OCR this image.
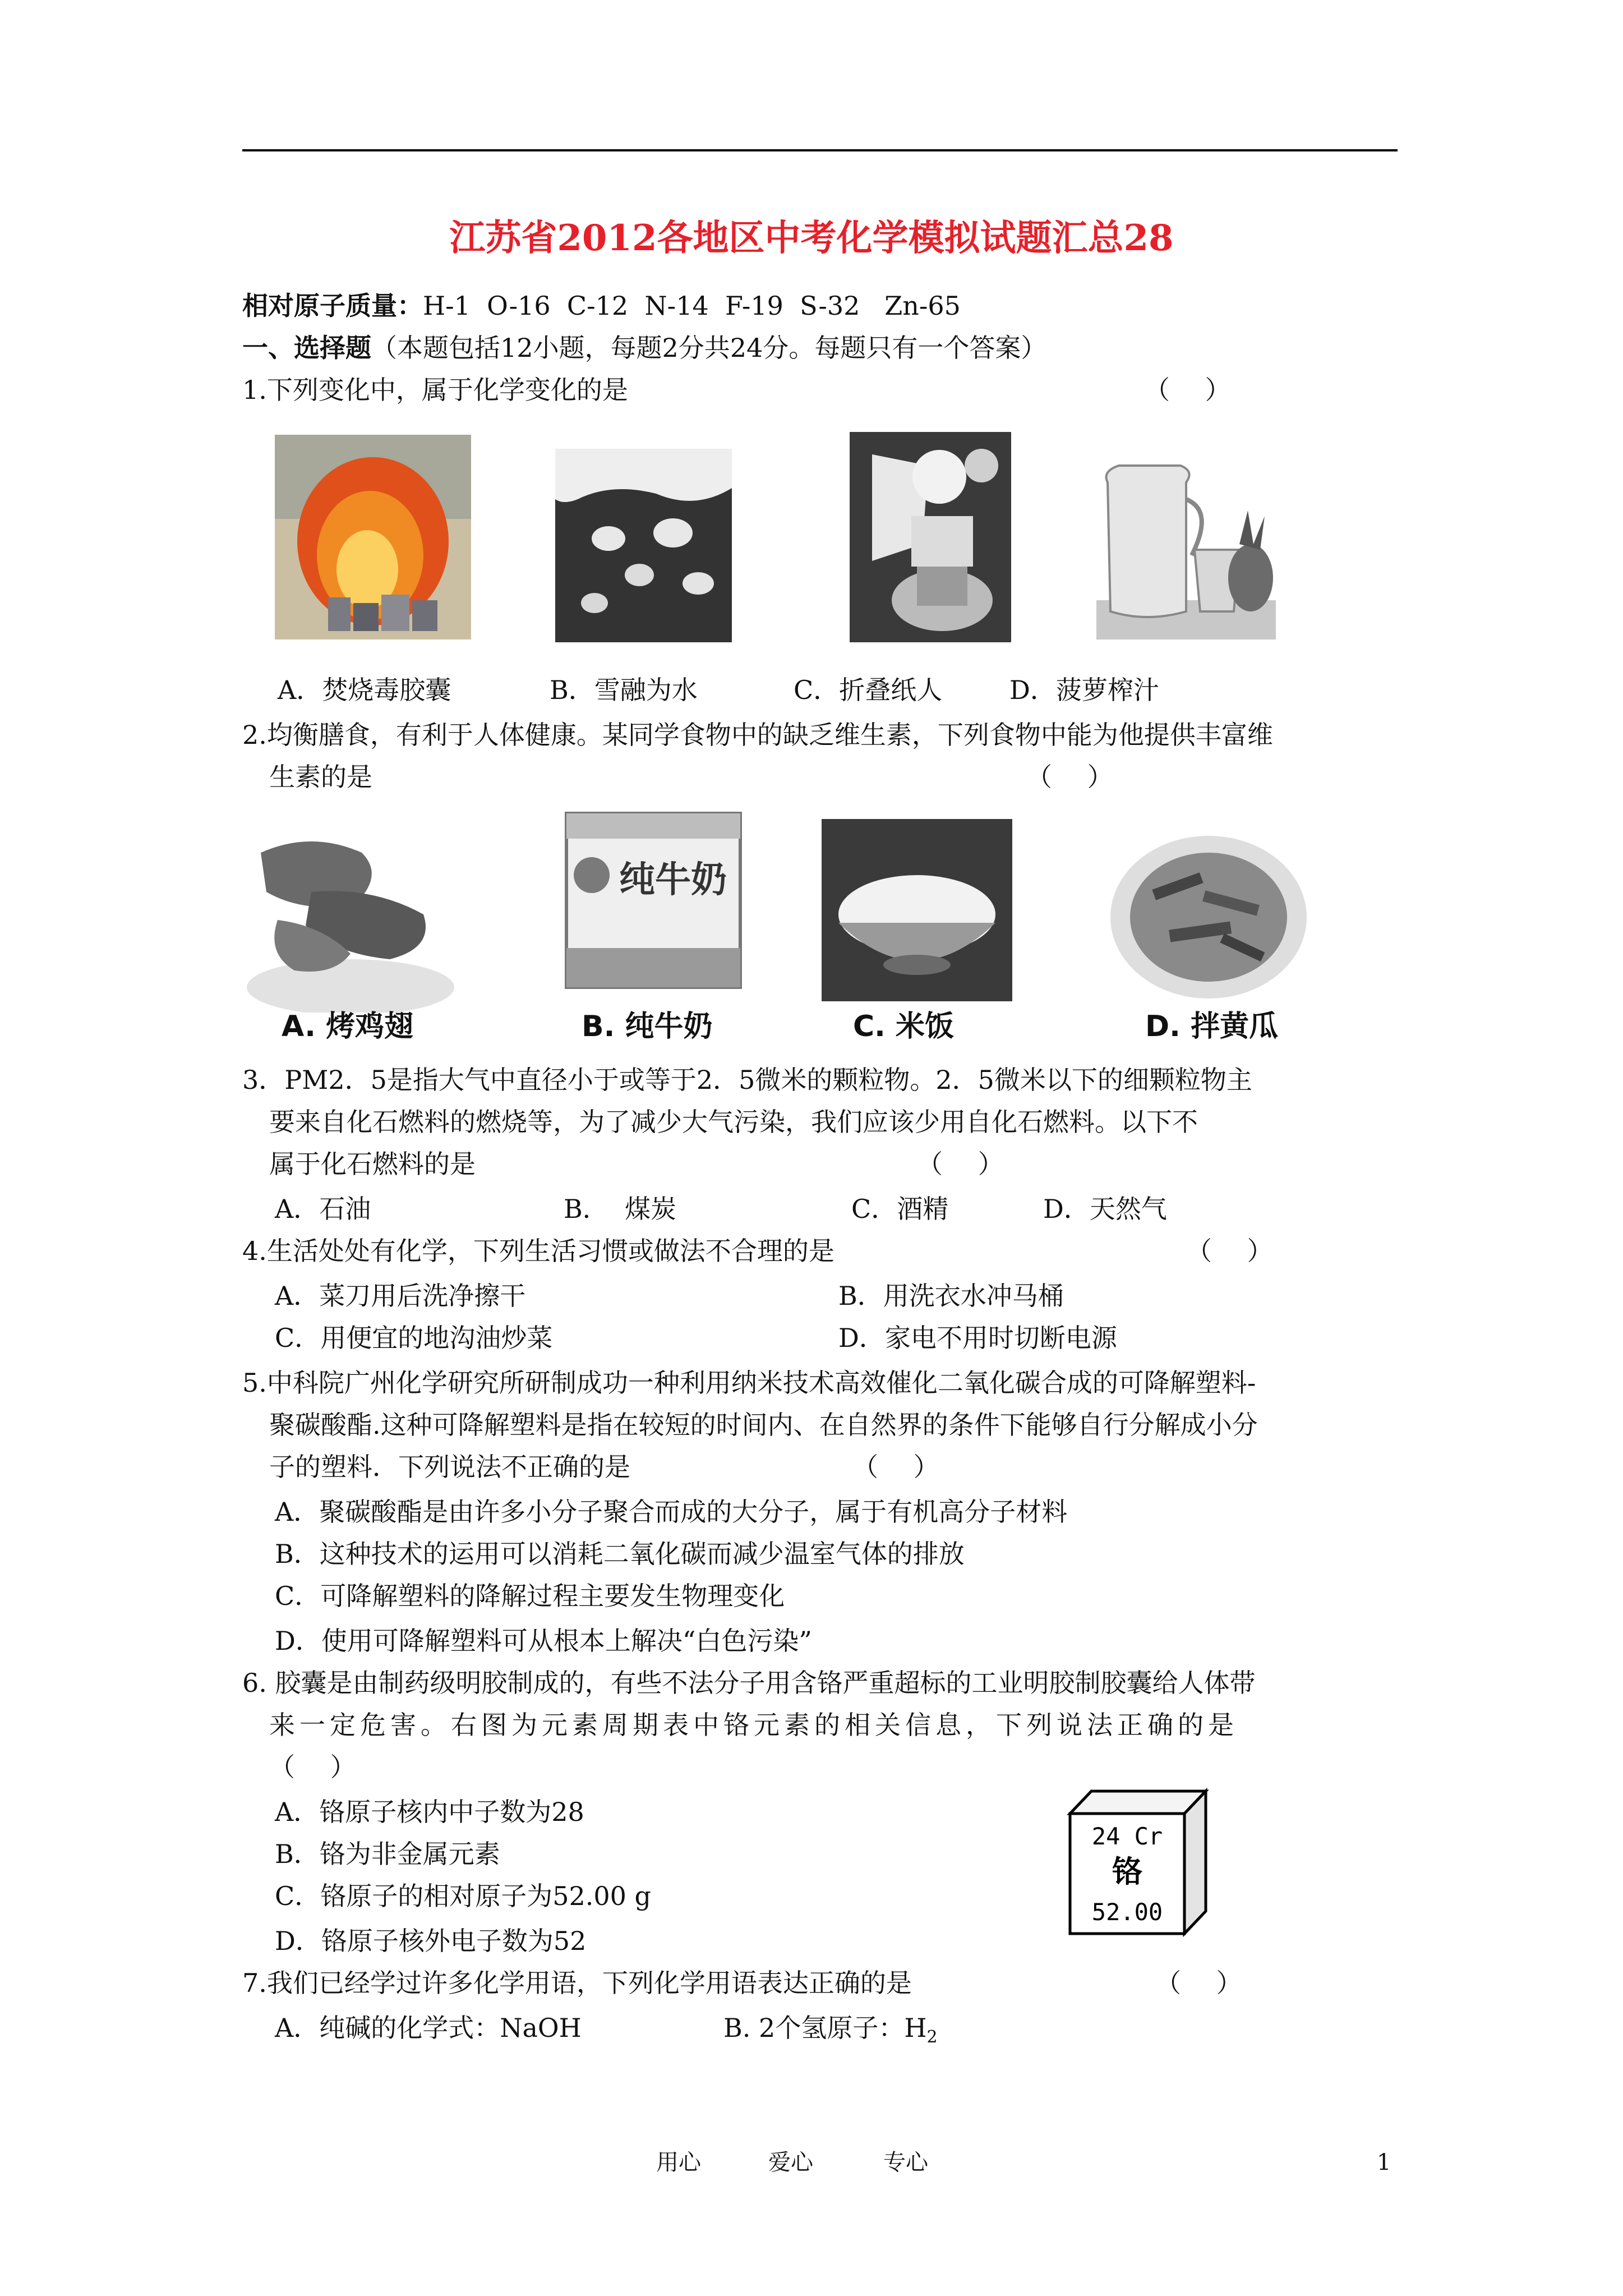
江苏省2012各地区中考化学模拟试题汇总28
相对原子质量：H-1  O-16  C-12  N-14  F-19  S-32   Zn-65
一、选择题（本题包括12小题，每题2分共24分。每题只有一个答案）
1.下列变化中，属于化学变化的是	（ ）
A．焚烧毒胶囊	B．雪融为水	C．折叠纸人	D．菠萝榨汁
2.均衡膳食，有利于人体健康。某同学食物中的缺乏维生素，下列食物中能为他提供丰富维
生素的是	（ ）
纯牛奶
A. 烤鸡翅	B. 纯牛奶	C. 米饭	D. 拌黄瓜
3．PM2．5是指大气中直径小于或等于2．5微米的颗粒物。2．5微米以下的细颗粒物主
要来自化石燃料的燃烧等，为了减少大气污染，我们应该少用自化石燃料。以下不
属于化石燃料的是	（ ）
A．石油	B．  煤炭	C．酒精	D．天然气
4.生活处处有化学，下列生活习惯或做法不合理的是	（ ）
A．菜刀用后洗净擦干	B．用洗衣水冲马桶
C．用便宜的地沟油炒菜	D．家电不用时切断电源
5.中科院广州化学研究所研制成功一种利用纳米技术高效催化二氧化碳合成的可降解塑料-
聚碳酸酯.这种可降解塑料是指在较短的时间内、在自然界的条件下能够自行分解成小分
子的塑料．下列说法不正确的是	（ ）
A．聚碳酸酯是由许多小分子聚合而成的大分子，属于有机高分子材料
B．这种技术的运用可以消耗二氧化碳而减少温室气体的排放
C．可降解塑料的降解过程主要发生物理变化
D．使用可降解塑料可从根本上解决“白色污染”
6. 胶囊是由制药级明胶制成的，有些不法分子用含铬严重超标的工业明胶制胶囊给人体带
来一定危害。右图为元素周期表中铬元素的相关信息，下列说法正确的是
（ ）
A．铬原子核内中子数为28
B．铬为非金属元素
C．铬原子的相对原子为52.00 g
D．铬原子核外电子数为52
24 Cr
铬
52.00
7.我们已经学过许多化学用语，下列化学用语表达正确的是	（ ）
A．纯碱的化学式：NaOH	B. 2个氢原子：$H_2$
用心	爱心	专心	1
